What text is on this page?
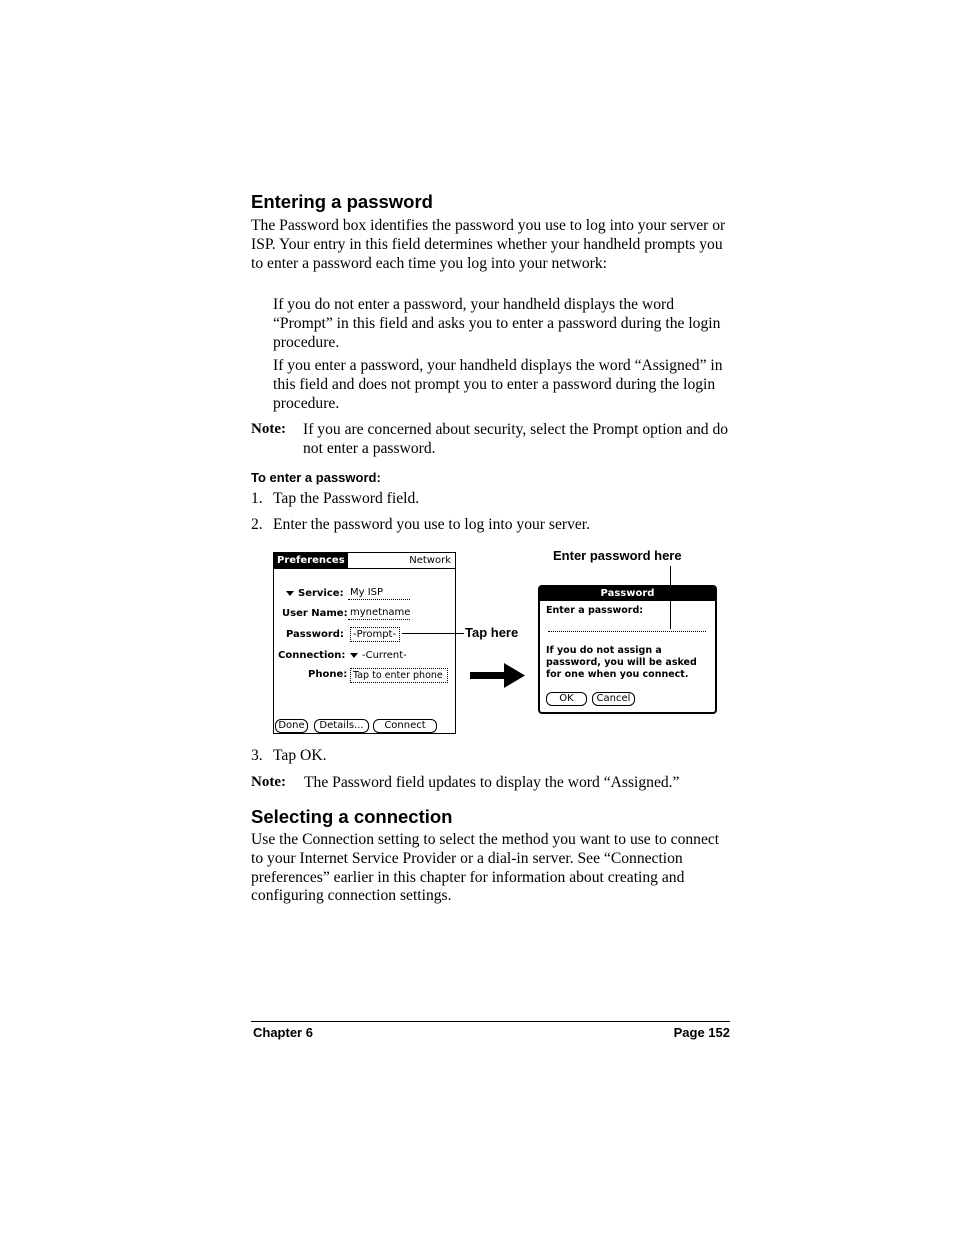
Entering a password
The Password box identifies the password you use to log into your server or ISP. Your entry in this field determines whether your handheld prompts you to enter a password each time you log into your network:
If you do not enter a password, your handheld displays the word “Prompt” in this field and asks you to enter a password during the login procedure.
If you enter a password, your handheld displays the word “Assigned” in this field and does not prompt you to enter a password during the login procedure.
Note: If you are concerned about security, select the Prompt option and do not enter a password.
To enter a password:
1. Tap the Password field.
2. Enter the password you use to log into your server.
Preferences	Network
Service: My ISP
User Name: mynetname
Password: -Prompt-
Connection:	-Current-
Phone: Tap to enter phone
Done	Details...	Connect
Tap here
Enter password here
Password
Enter a password:
If you do not assign a password, you will be asked for one when you connect.
OK	Cancel
3. Tap OK.
Note: The Password field updates to display the word “Assigned.”
Selecting a connection
Use the Connection setting to select the method you want to use to connect to your Internet Service Provider or a dial-in server. See “Connection preferences” earlier in this chapter for information about creating and configuring connection settings.
Chapter 6	Page 152
